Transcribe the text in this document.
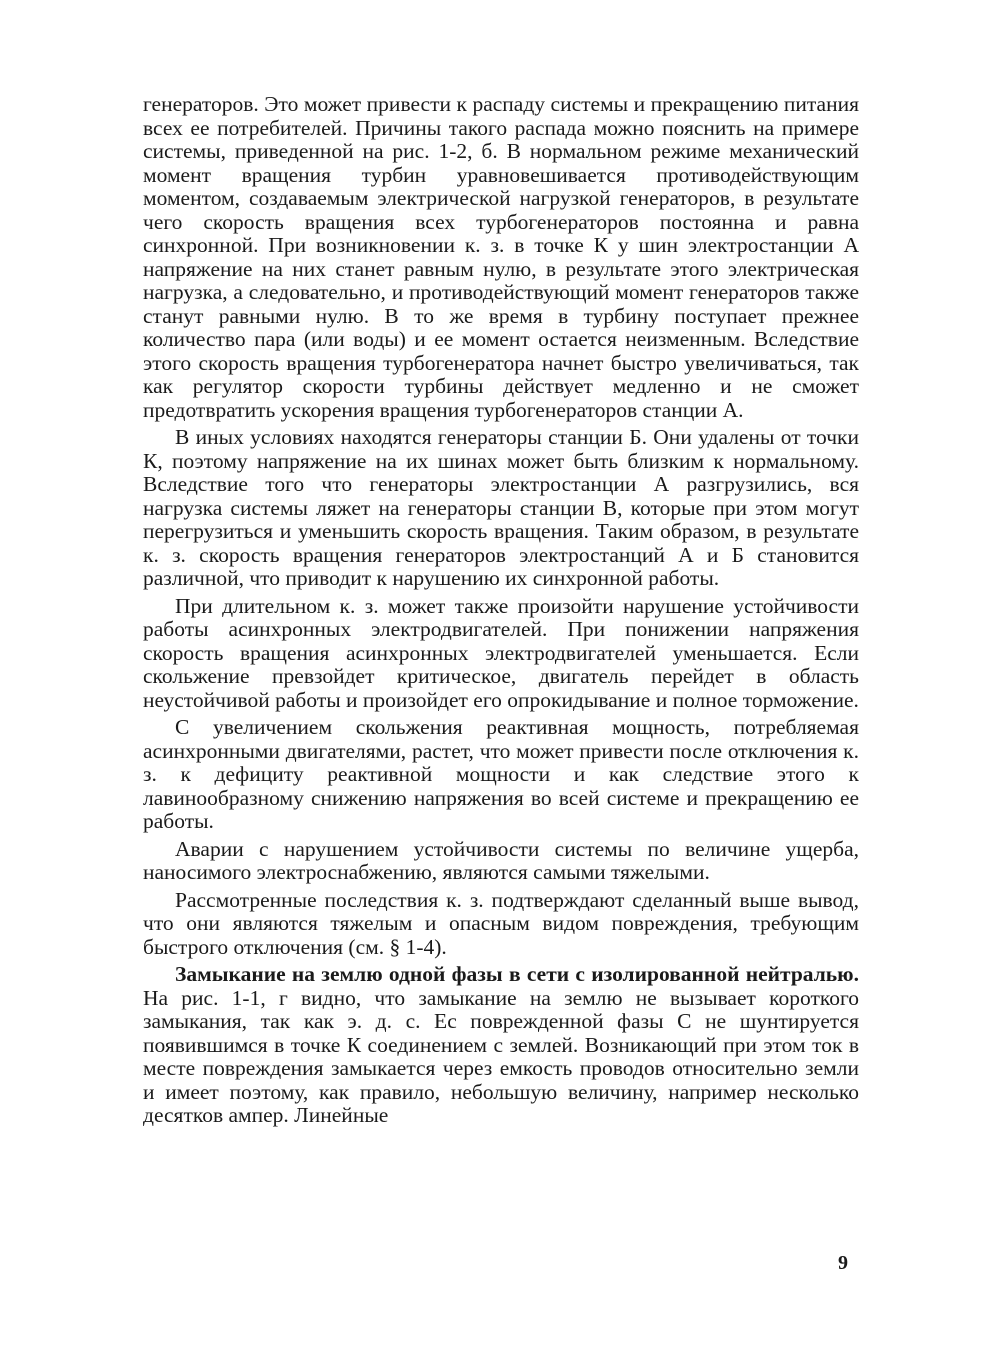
генераторов. Это может привести к распаду системы и прекращению питания всех ее потребителей. Причины такого распада можно пояснить на примере системы, приведенной на рис. 1-2, б. В нормальном режиме механический момент вращения турбин уравновешивается противодействующим моментом, создаваемым электрической нагрузкой генераторов, в результате чего скорость вращения всех турбогенераторов постоянна и равна синхронной. При возникновении к. з. в точке К у шин электростанции А напряжение на них станет равным нулю, в результате этого электрическая нагрузка, а следовательно, и противодействующий момент генераторов также станут равными нулю. В то же время в турбину поступает прежнее количество пара (или воды) и ее момент остается неизменным. Вследствие этого скорость вращения турбогенератора начнет быстро увеличиваться, так как регулятор скорости турбины действует медленно и не сможет предотвратить ускорения вращения турбогенераторов станции А.

В иных условиях находятся генераторы станции Б. Они удалены от точки К, поэтому напряжение на их шинах может быть близким к нормальному. Вследствие того что генераторы электростанции А разгрузились, вся нагрузка системы ляжет на генераторы станции В, которые при этом могут перегрузиться и уменьшить скорость вращения. Таким образом, в результате к. з. скорость вращения генераторов электростанций А и Б становится различной, что приводит к нарушению их синхронной работы.

При длительном к. з. может также произойти нарушение устойчивости работы асинхронных электродвигателей. При понижении напряжения скорость вращения асинхронных электродвигателей уменьшается. Если скольжение превзойдет критическое, двигатель перейдет в область неустойчивой работы и произойдет его опрокидывание и полное торможение.

С увеличением скольжения реактивная мощность, потребляемая асинхронными двигателями, растет, что может привести после отключения к. з. к дефициту реактивной мощности и как следствие этого к лавинообразному снижению напряжения во всей системе и прекращению ее работы.

Аварии с нарушением устойчивости системы по величине ущерба, наносимого электроснабжению, являются самыми тяжелыми.

Рассмотренные последствия к. з. подтверждают сделанный выше вывод, что они являются тяжелым и опасным видом повреждения, требующим быстрого отключения (см. § 1-4).

Замыкание на землю одной фазы в сети с изолированной нейтралью. На рис. 1-1, г видно, что замыкание на землю не вызывает короткого замыкания, так как э. д. с. Eс поврежденной фазы С не шунтируется появившимся в точке К соединением с землей. Возникающий при этом ток в месте повреждения замыкается через емкость проводов относительно земли и имеет поэтому, как правило, небольшую величину, например несколько десятков ампер. Линейные

9
